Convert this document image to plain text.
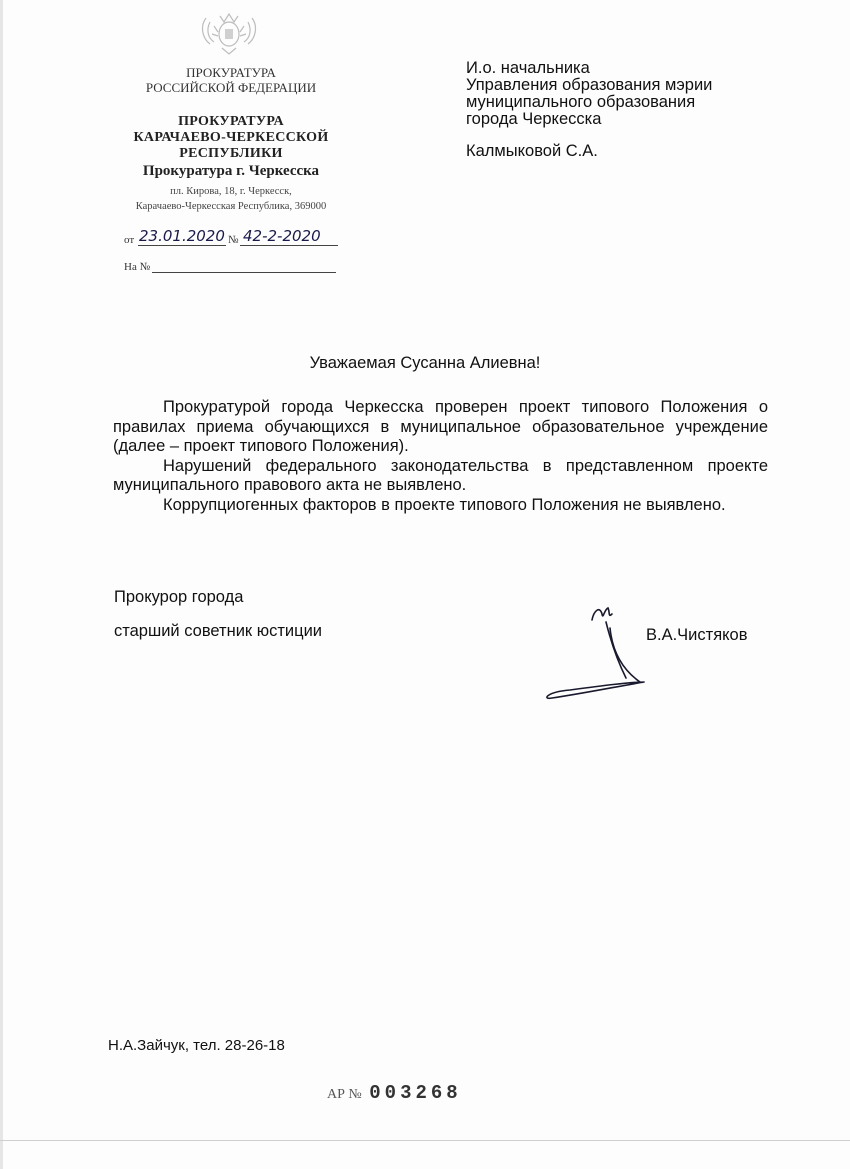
ПРОКУРАТУРА
РОССИЙСКОЙ ФЕДЕРАЦИИ
ПРОКУРАТУРА
КАРАЧАЕВО-ЧЕРКЕССКОЙ
РЕСПУБЛИКИ
Прокуратура г. Черкесска
пл. Кирова, 18, г. Черкесск,
Карачаево-Черкесская Республика, 369000
от 23.01.2020 № 42-2-2020
На №
И.о. начальника
Управления образования мэрии
муниципального образования
города Черкесска
Калмыковой С.А.
Уважаемая Сусанна Алиевна!

Прокуратурой города Черкесска проверен проект типового Положения о правилах приема обучающихся в муниципальное образовательное учреждение (далее – проект типового Положения).

Нарушений федерального законодательства в представленном проекте муниципального правового акта не выявлено.

Коррупциогенных факторов в проекте типового Положения не выявлено.

Прокурор города
старший советник юстиции	В.А.Чистяков
Н.А.Зайчук, тел. 28-26-18
АР № 003268
